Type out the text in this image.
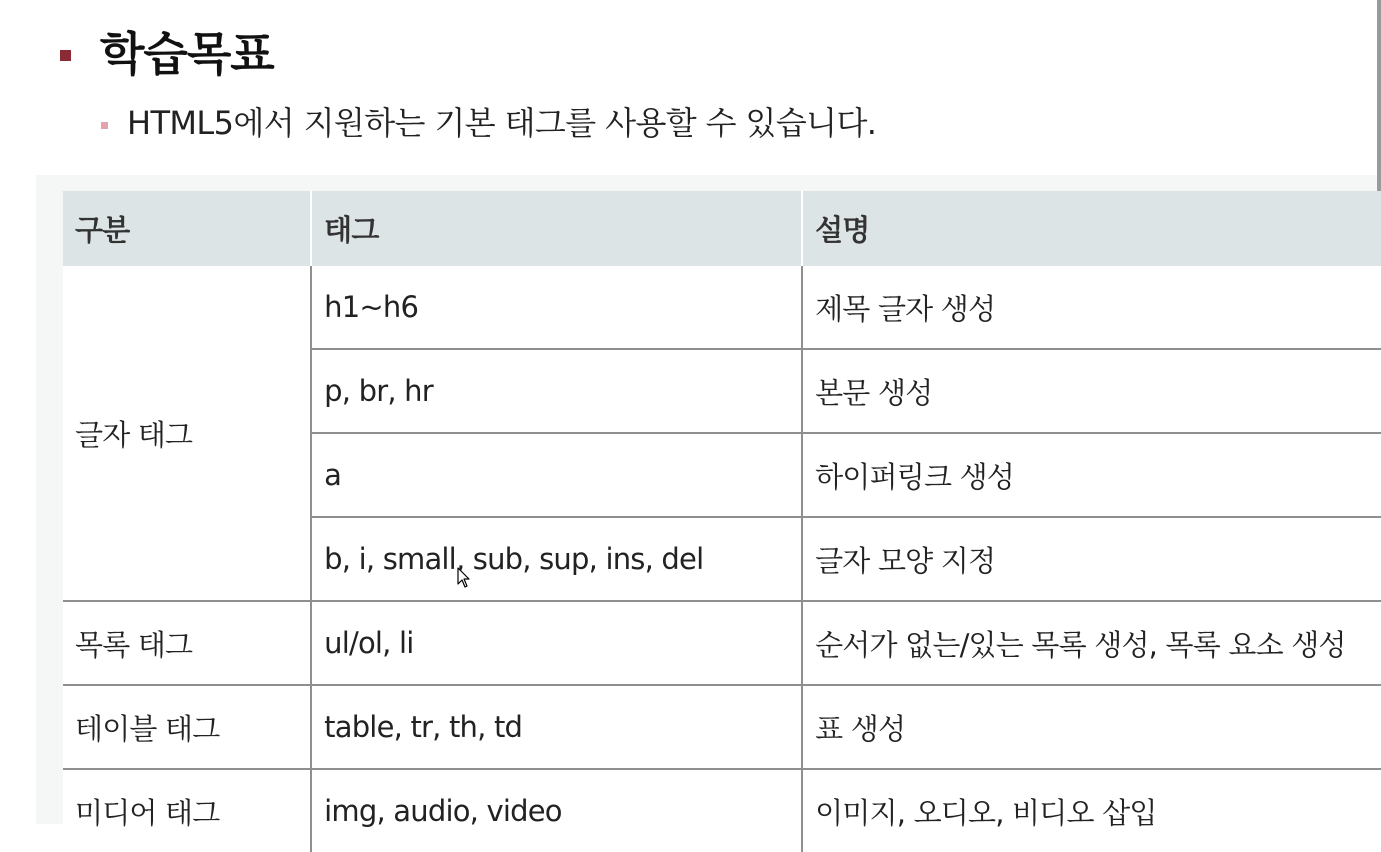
학습목표

HTML5에서 지원하는 기본 태그를 사용할 수 있습니다.

구분	태그	설명
글자 태그	h1~h6	제목 글자 생성
	p, br, hr	본문 생성
	a	하이퍼링크 생성
	b, i, small, sub, sup, ins, del	글자 모양 지정
목록 태그	ul/ol, li	순서가 없는/있는 목록 생성, 목록 요소 생성
테이블 태그	table, tr, th, td	표 생성
미디어 태그	img, audio, video	이미지, 오디오, 비디오 삽입
